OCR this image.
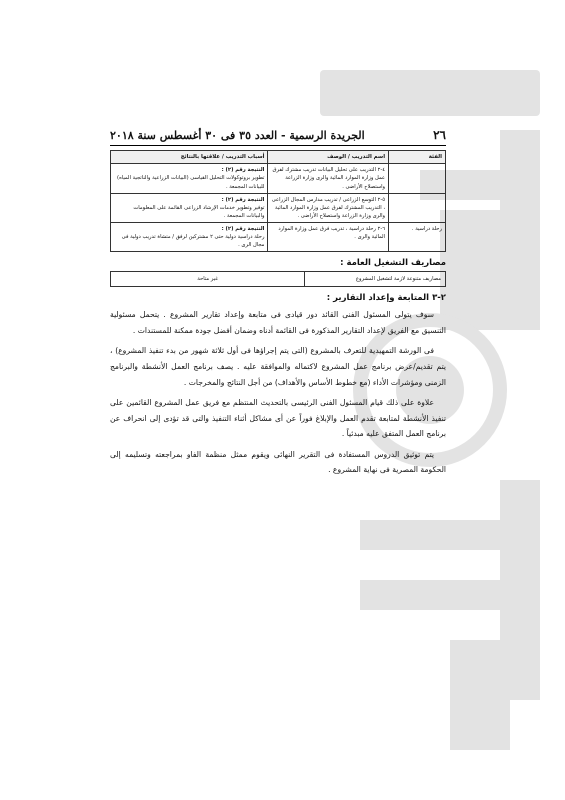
٢٦
الجريدة الرسمية - العدد ٣٥ فى ٣٠ أغسطس سنة ٢٠١٨
الفئة	اسم التدريب / الوصف	أسباب التدريب / علاقتها بالنتائج
	٤-٢ التدريب على تحليل البيانات تدريب مشترك لفرق عمل وزارة الموارد المائية والرى وزارة الزراعة واستصلاح الأراضى .	النتيجة رقم (٢) :
تطوير بروتوكولات التحليل القياسى (البيانات الزراعية والناتجية المياه) للبيانات المجمعة .

	٥-٢ التوسع الزراعى / تدريب مدارس المجال الزراعى ، التدريب المشترك لفرق عمل وزارة الموارد المائية والرى وزارة الزراعة واستصلاح الأراضى .	النتيجة رقم (٢) :
توفير وتطوير خدمات الإرشاد الزراعى القائمة على المعلومات والبيانات المجمعة .

رحلة دراسية .	٦-٢ رحلة دراسية ، تدريب فرق عمل وزارة الموارد المائية والرى .	النتيجة رقم (٢) :
رحلة دراسية دولية حتى ٢ مشتركين لرفق / متشاة تدريب دولية فى مجال الرى .
مصاريف التشغيل العامة :
مصاريف متنوعة لازمة لتشغيل المشروع	غير متاحة
٢-٣ المتابعة وإعداد التقارير :

سوف يتولى المسئول الفنى القائد دور قيادى فى متابعة وإعداد تقارير المشروع . يتحمل مسئولية التنسيق مع الفريق لإعداد التقارير المذكورة فى القائمة أدناه وضمان أفضل جودة ممكنة للمستندات .

فى الورشة التمهيدية للتعرف بالمشروع (التى يتم إجراؤها فى أول ثلاثة شهور من بدء تنفيذ المشروع) ، يتم تقديم/عرض برنامج عمل المشروع لاكتماله والموافقة عليه . يصف برنامج العمل الأنشطة والبرنامج الزمنى ومؤشرات الأداء (مع خطوط الأساس والأهداف) من أجل النتائج والمخرجات .

علاوة على ذلك قيام المسئول الفنى الرئيسى بالتحديث المنتظم مع فريق عمل المشروع القائمين على تنفيذ الأنشطة لمتابعة تقدم العمل والإبلاغ فوراً عن أى مشاكل أثناء التنفيذ والتى قد تؤدى إلى انحراف عن برنامج العمل المتفق عليه مبدئياً .

يتم توثيق الدروس المستفادة فى التقرير النهائى ويقوم ممثل منظمة الفاو بمراجعته وتسليمه إلى الحكومة المصرية فى نهاية المشروع .
